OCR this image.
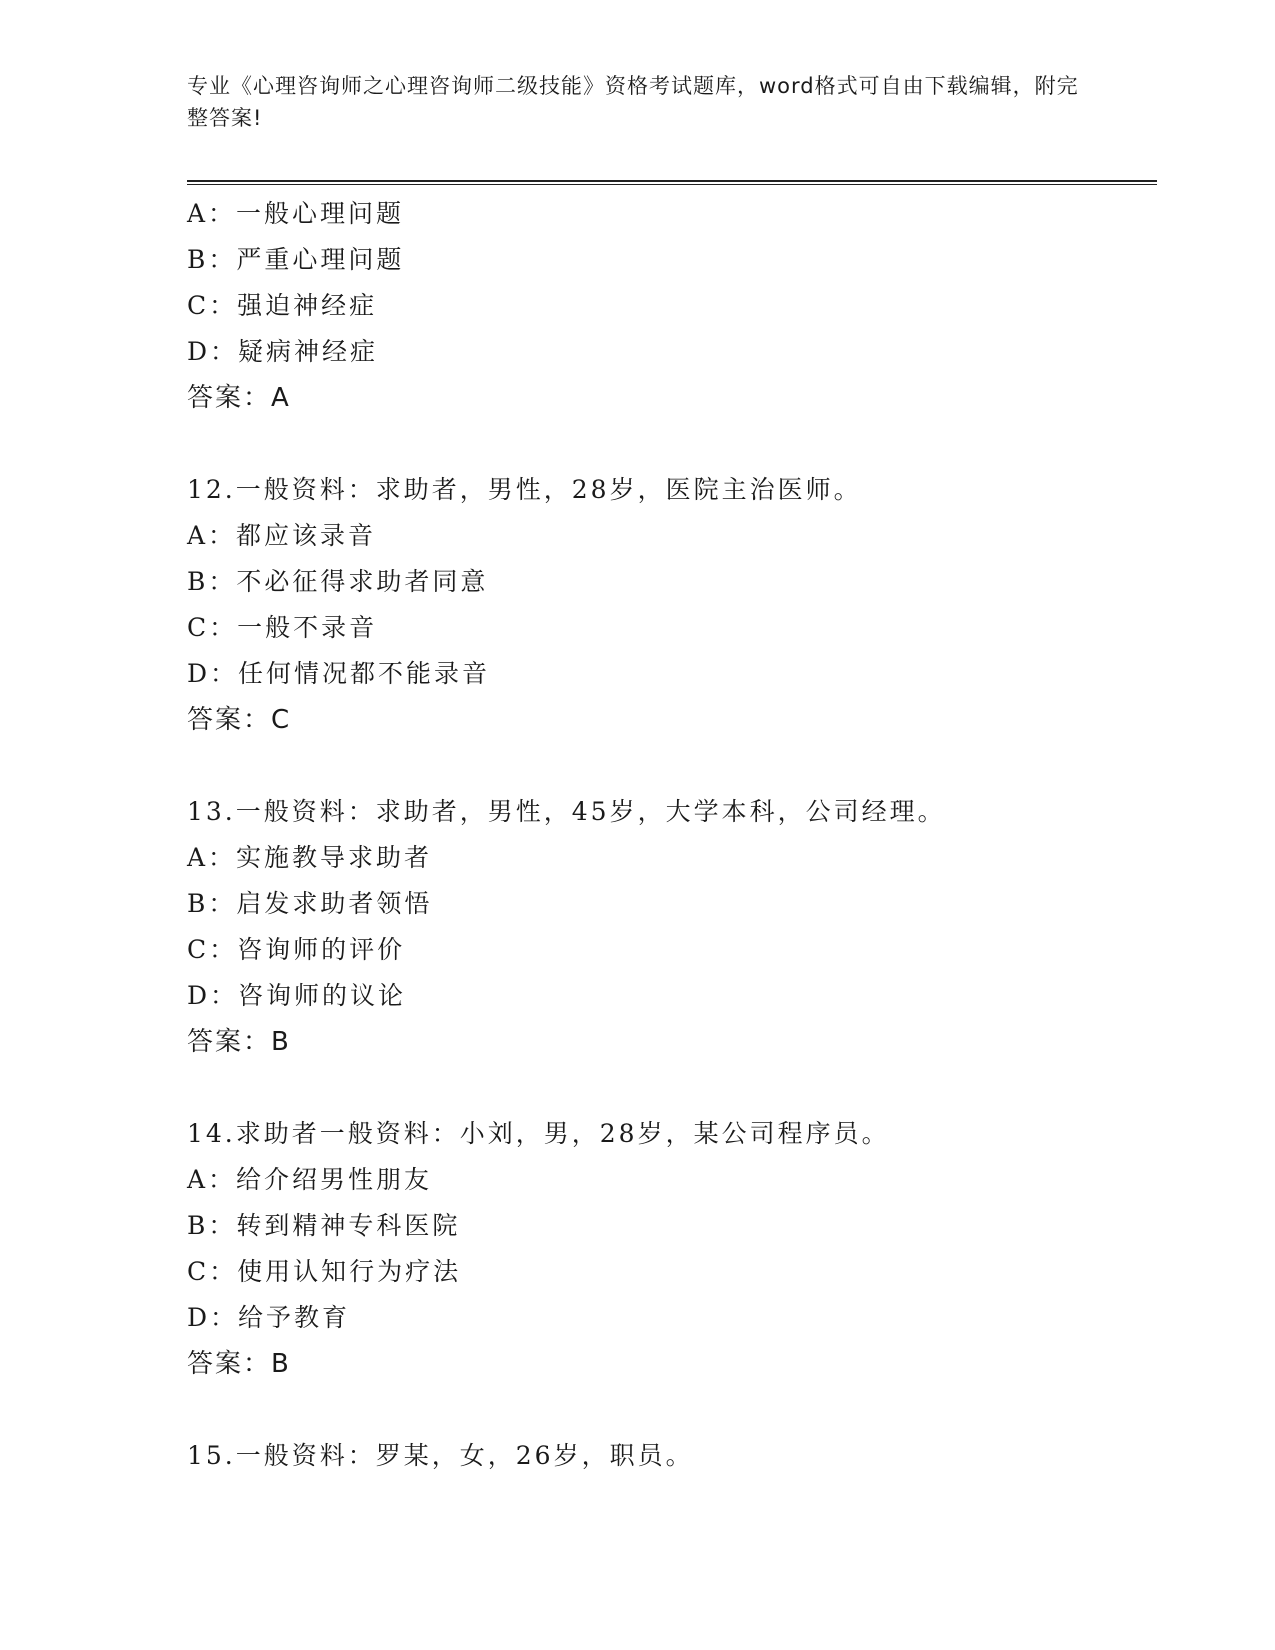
专业《心理咨询师之心理咨询师二级技能》资格考试题库，word格式可自由下载编辑，附完整答案!
A：一般心理问题
B：严重心理问题
C：强迫神经症
D：疑病神经症
答案：A
12.一般资料：求助者，男性，28岁，医院主治医师。
A：都应该录音
B：不必征得求助者同意
C：一般不录音
D：任何情况都不能录音
答案：C
13.一般资料：求助者，男性，45岁，大学本科，公司经理。
A：实施教导求助者
B：启发求助者领悟
C：咨询师的评价
D：咨询师的议论
答案：B
14.求助者一般资料：小刘，男，28岁，某公司程序员。
A：给介绍男性朋友
B：转到精神专科医院
C：使用认知行为疗法
D：给予教育
答案：B
15.一般资料：罗某，女，26岁，职员。
